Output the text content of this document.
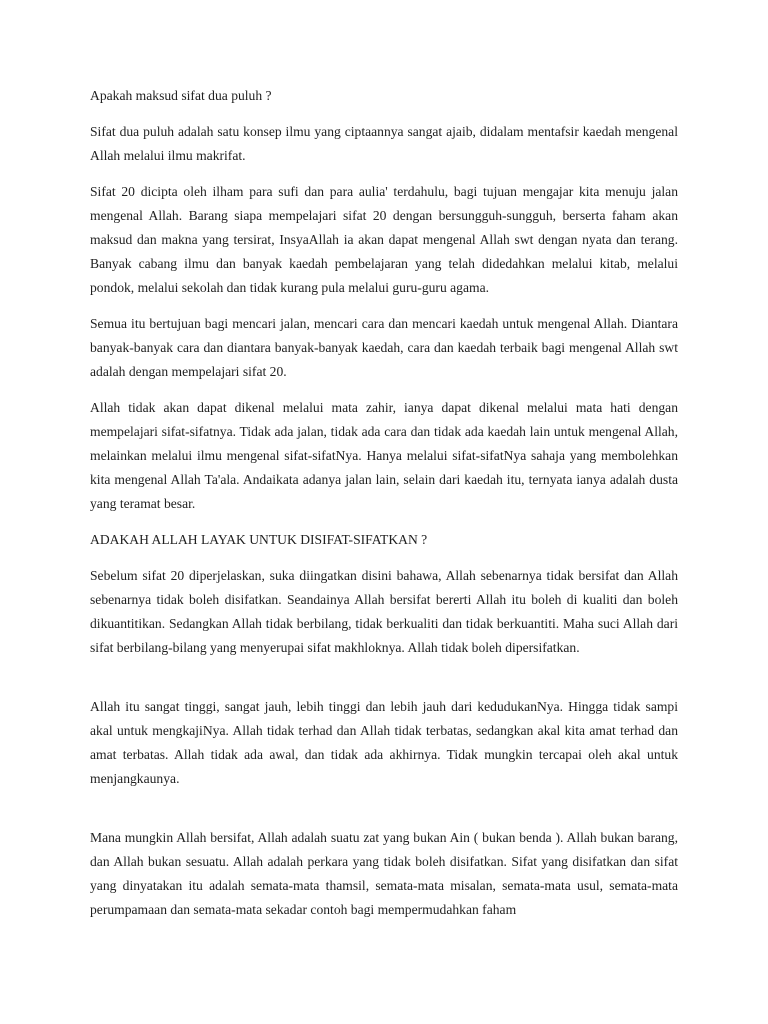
Apakah maksud sifat dua puluh ?

Sifat dua puluh adalah satu konsep ilmu yang ciptaannya sangat ajaib, didalam mentafsir kaedah mengenal Allah melalui ilmu makrifat.

Sifat 20 dicipta oleh ilham para sufi dan para aulia' terdahulu, bagi tujuan mengajar kita menuju jalan mengenal Allah. Barang siapa mempelajari sifat 20 dengan bersungguh-sungguh, berserta faham akan maksud dan makna yang tersirat, InsyaAllah ia akan dapat mengenal Allah swt dengan nyata dan terang. Banyak cabang ilmu dan banyak kaedah pembelajaran yang telah didedahkan melalui kitab, melalui pondok, melalui sekolah dan tidak kurang pula melalui guru-guru agama.

Semua itu bertujuan bagi mencari jalan, mencari cara dan mencari kaedah untuk mengenal Allah. Diantara banyak-banyak cara dan diantara banyak-banyak kaedah, cara dan kaedah terbaik bagi mengenal Allah swt adalah dengan mempelajari sifat 20.

Allah tidak akan dapat dikenal melalui mata zahir, ianya dapat dikenal melalui mata hati dengan mempelajari sifat-sifatnya. Tidak ada jalan, tidak ada cara dan tidak ada kaedah lain untuk mengenal Allah, melainkan melalui ilmu mengenal sifat-sifatNya. Hanya melalui sifat-sifatNya sahaja yang membolehkan kita mengenal Allah Ta'ala. Andaikata adanya jalan lain, selain dari kaedah itu, ternyata ianya adalah dusta yang teramat besar.

ADAKAH ALLAH LAYAK UNTUK DISIFAT-SIFATKAN ?

Sebelum sifat 20 diperjelaskan, suka diingatkan disini bahawa, Allah sebenarnya tidak bersifat dan Allah sebenarnya tidak boleh disifatkan. Seandainya Allah bersifat bererti Allah itu boleh di kualiti dan boleh dikuantitikan. Sedangkan Allah tidak berbilang, tidak berkualiti dan tidak berkuantiti. Maha suci Allah dari sifat berbilang-bilang yang menyerupai sifat makhloknya. Allah tidak boleh dipersifatkan.

Allah itu sangat tinggi, sangat jauh, lebih tinggi dan lebih jauh dari kedudukanNya. Hingga tidak sampi akal untuk mengkajiNya. Allah tidak terhad dan Allah tidak terbatas, sedangkan akal kita amat terhad dan amat terbatas. Allah tidak ada awal, dan tidak ada akhirnya. Tidak mungkin tercapai oleh akal untuk menjangkaunya.

Mana mungkin Allah bersifat, Allah adalah suatu zat yang bukan Ain ( bukan benda ). Allah bukan barang, dan Allah bukan sesuatu. Allah adalah perkara yang tidak boleh disifatkan. Sifat yang disifatkan dan sifat yang dinyatakan itu adalah semata-mata thamsil, semata-mata misalan, semata-mata usul, semata-mata perumpamaan dan semata-mata sekadar contoh bagi mempermudahkan faham
